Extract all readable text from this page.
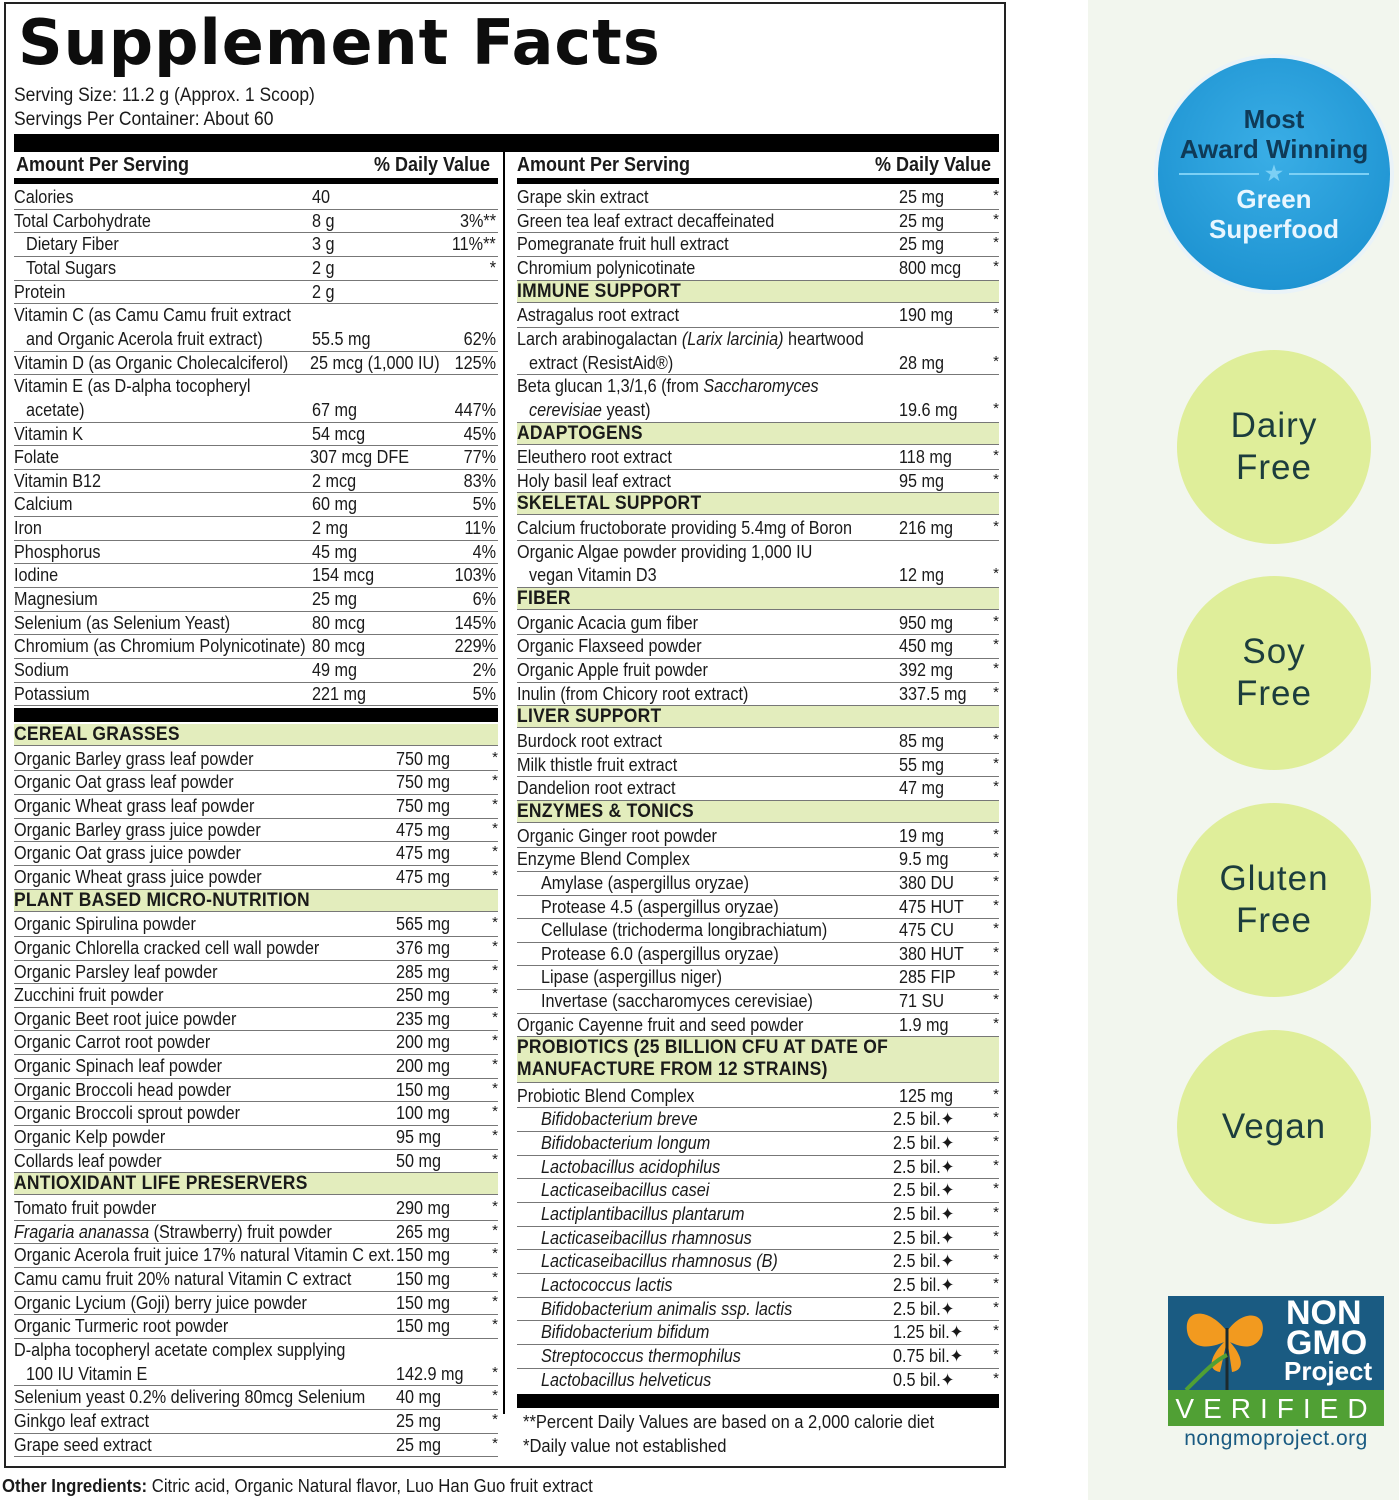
Supplement Facts
Serving Size: 11.2 g (Approx. 1 Scoop)
Servings Per Container: About 60
Amount Per Serving	% Daily Value Amount Per Serving	% Daily Value
Calories	40
Total Carbohydrate	8 g	3%**
Dietary Fiber	3 g	11%**
Total Sugars	2 g	*
Protein	2 g
Vitamin C (as Camu Camu fruit extract
and Organic Acerola fruit extract)	55.5 mg	62%
Vitamin D (as Organic Cholecalciferol) 25 mcg (1,000 IU) 125%
Vitamin E (as D-alpha tocopheryl
acetate)	67 mg	447%
Vitamin K	54 mcg	45%
Folate	307 mcg DFE	77%
Vitamin B12	2 mcg	83%
Calcium	60 mg	5%
Iron	2 mg	11%
Phosphorus	45 mg	4%
Iodine	154 mcg	103%
Magnesium	25 mg	6%
Selenium (as Selenium Yeast)	80 mcg	145%
Chromium (as Chromium Polynicotinate) 80 mcg	229%
Sodium	49 mg	2%
Potassium	221 mg	5%
CEREAL GRASSES
Organic Barley grass leaf powder	750 mg	*
Organic Oat grass leaf powder	750 mg	*
Organic Wheat grass leaf powder	750 mg	*
Organic Barley grass juice powder	475 mg	*
Organic Oat grass juice powder	475 mg	*
Organic Wheat grass juice powder	475 mg	*
PLANT BASED MICRO-NUTRITION
Organic Spirulina powder	565 mg	*
Organic Chlorella cracked cell wall powder	376 mg	*
Organic Parsley leaf powder	285 mg	*
Zucchini fruit powder	250 mg	*
Organic Beet root juice powder	235 mg	*
Organic Carrot root powder	200 mg	*
Organic Spinach leaf powder	200 mg	*
Organic Broccoli head powder	150 mg	*
Organic Broccoli sprout powder	100 mg	*
Organic Kelp powder	95 mg	*
Collards leaf powder	50 mg	*
ANTIOXIDANT LIFE PRESERVERS
Tomato fruit powder	290 mg	*
Fragaria ananassa (Strawberry) fruit powder	265 mg	*
Organic Acerola fruit juice 17% natural Vitamin C ext. 150 mg	*
Camu camu fruit 20% natural Vitamin C extract 150 mg	*
Organic Lycium (Goji) berry juice powder	150 mg	*
Organic Turmeric root powder	150 mg	*
D-alpha tocopheryl acetate complex supplying
100 IU Vitamin E	142.9 mg *
Selenium yeast 0.2% delivering 80mcg Selenium 40 mg	*
Ginkgo leaf extract	25 mg	*
Grape seed extract	25 mg	*
Grape skin extract	25 mg	*
Green tea leaf extract decaffeinated	25 mg	*
Pomegranate fruit hull extract	25 mg	*
Chromium polynicotinate	800 mcg *
IMMUNE SUPPORT
Astragalus root extract	190 mg	*
Larch arabinogalactan (Larix larcinia) heartwood
extract (ResistAid®)	28 mg	*
Beta glucan 1,3/1,6 (from Saccharomyces
cerevisiae yeast)	19.6 mg *
ADAPTOGENS
Eleuthero root extract	118 mg	*
Holy basil leaf extract	95 mg	*
SKELETAL SUPPORT
Calcium fructoborate providing 5.4mg of Boron	216 mg	*
Organic Algae powder providing 1,000 IU
vegan Vitamin D3	12 mg	*
FIBER
Organic Acacia gum fiber	950 mg	*
Organic Flaxseed powder	450 mg	*
Organic Apple fruit powder	392 mg	*
Inulin (from Chicory root extract)	337.5 mg *
LIVER SUPPORT
Burdock root extract	85 mg	*
Milk thistle fruit extract	55 mg	*
Dandelion root extract	47 mg	*
ENZYMES & TONICS
Organic Ginger root powder	19 mg	*
Enzyme Blend Complex	9.5 mg	*
Amylase (aspergillus oryzae)	380 DU	*
Protease 4.5 (aspergillus oryzae)	475 HUT *
Cellulase (trichoderma longibrachiatum)	475 CU	*
Protease 6.0 (aspergillus oryzae)	380 HUT *
Lipase (aspergillus niger)	285 FIP *
Invertase (saccharomyces cerevisiae)	71 SU	*
Organic Cayenne fruit and seed powder	1.9 mg	*
PROBIOTICS (25 BILLION CFU AT DATE OF
MANUFACTURE FROM 12 STRAINS)
Probiotic Blend Complex	125 mg	*
Bifidobacterium breve	2.5 bil.✦	*
Bifidobacterium longum	2.5 bil.✦	*
Lactobacillus acidophilus	2.5 bil.✦	*
Lacticaseibacillus casei	2.5 bil.✦	*
Lactiplantibacillus plantarum	2.5 bil.✦	*
Lacticaseibacillus rhamnosus	2.5 bil.✦	*
Lacticaseibacillus rhamnosus (B)	2.5 bil.✦	*
Lactococcus lactis	2.5 bil.✦	*
Bifidobacterium animalis ssp. lactis	2.5 bil.✦	*
Bifidobacterium bifidum	1.25 bil.✦ *
Streptococcus thermophilus	0.75 bil.✦ *
Lactobacillus helveticus	0.5 bil.✦	*
**Percent Daily Values are based on a 2,000 calorie diet
*Daily value not established
Other Ingredients: Citric acid, Organic Natural flavor, Luo Han Guo fruit extract
Most
Award Winning
★
Green
Superfood
Dairy
Free
Soy
Free
Gluten
Free
Vegan
NON
GMO
Project
VERIFIED
nongmoproject.org
